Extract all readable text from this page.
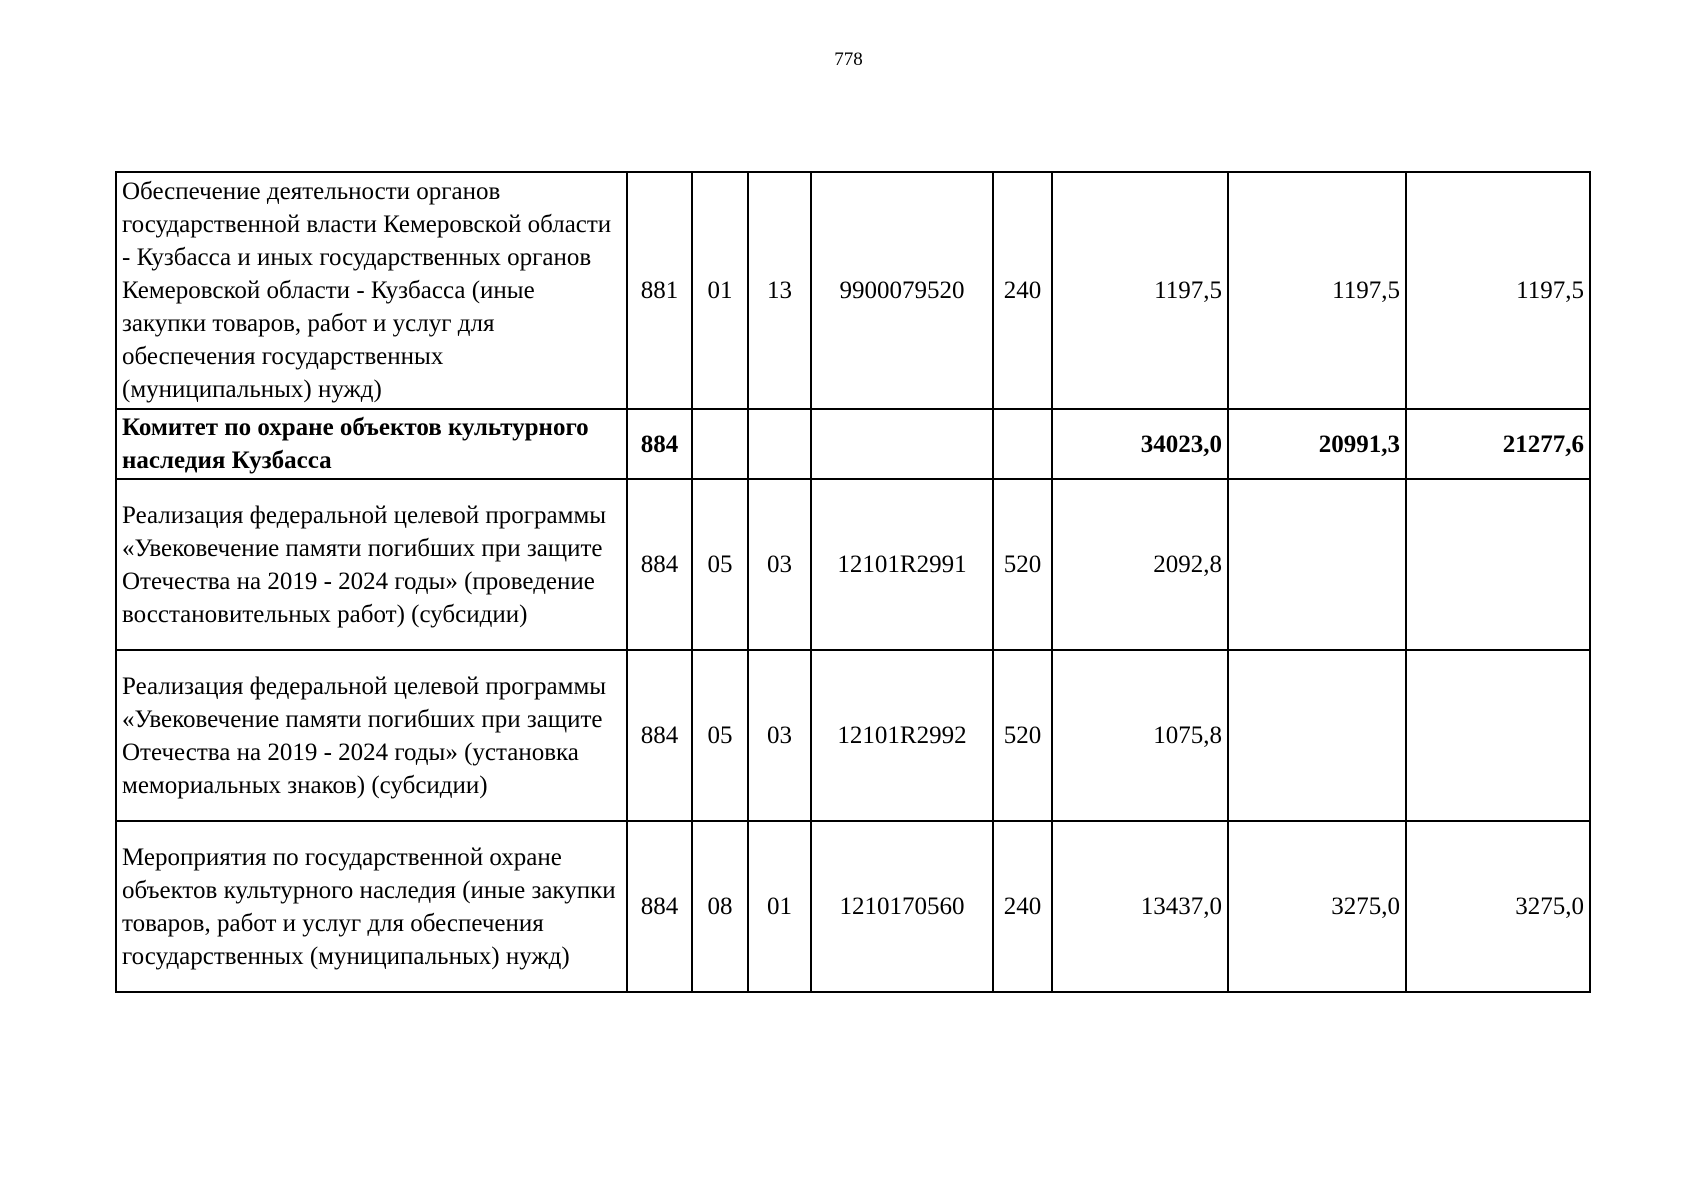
778
Обеспечение деятельности органов государственной власти Кемеровской области - Кузбасса и иных государственных органов Кемеровской области - Кузбасса (иные закупки товаров, работ и услуг для обеспечения государственных (муниципальных) нужд)	881	01	13	9900079520	240	1197,5	1197,5	1197,5
Комитет по охране объектов культурного наследия Кузбасса	884					34023,0	20991,3	21277,6
Реализация федеральной целевой программы «Увековечение памяти погибших при защите Отечества на 2019 - 2024 годы» (проведение восстановительных работ) (субсидии)	884	05	03	12101R2991	520	2092,8		
Реализация федеральной целевой программы «Увековечение памяти погибших при защите Отечества на 2019 - 2024 годы» (установка мемориальных знаков) (субсидии)	884	05	03	12101R2992	520	1075,8		
Мероприятия по государственной охране объектов культурного наследия (иные закупки товаров, работ и услуг для обеспечения государственных (муниципальных) нужд)	884	08	01	1210170560	240	13437,0	3275,0	3275,0
